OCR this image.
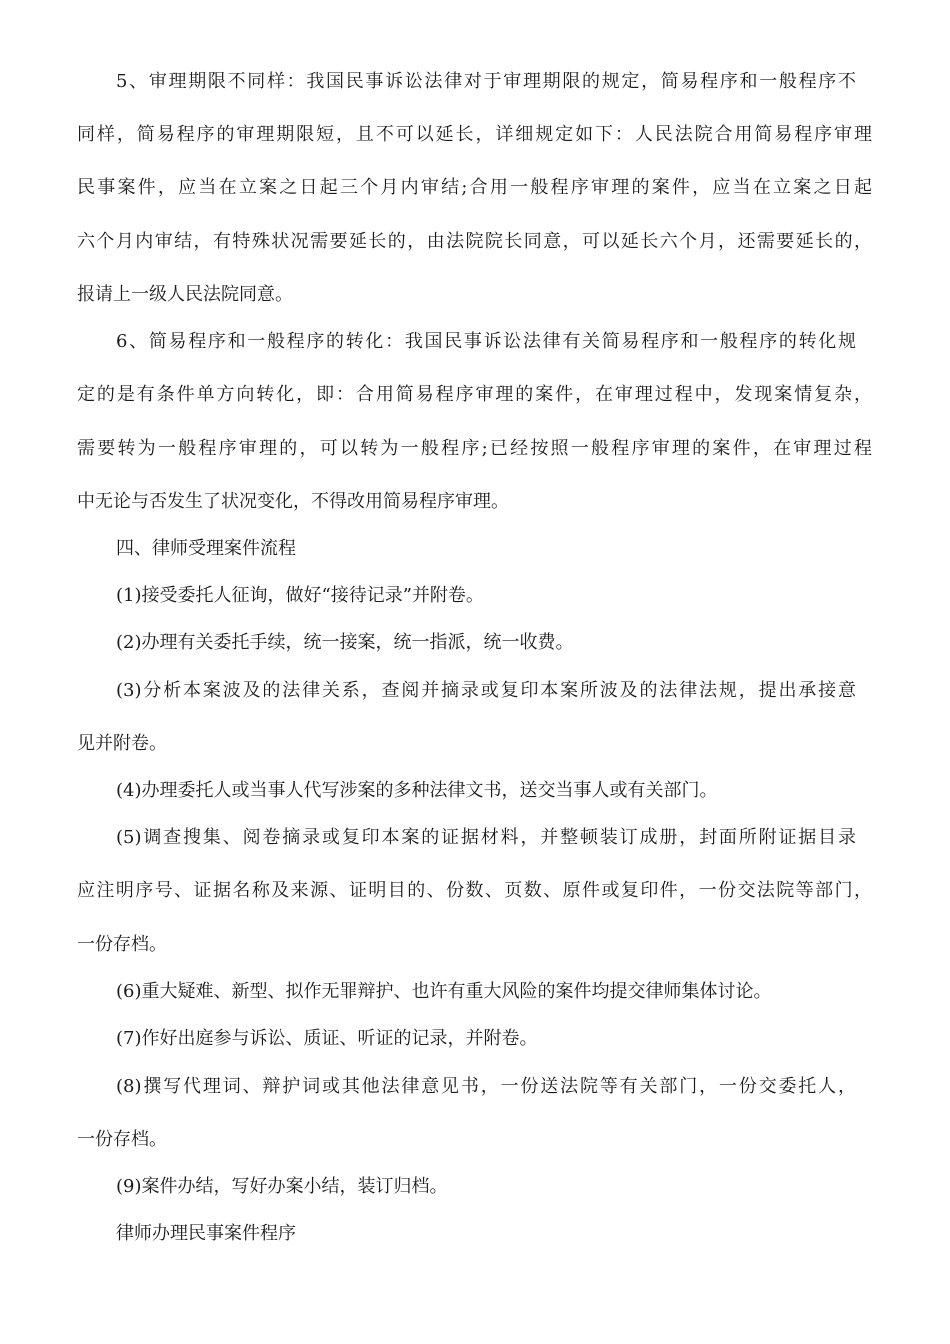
5、审理期限不同样：我国民事诉讼法律对于审理期限的规定，简易程序和一般程序不

同样，简易程序的审理期限短，且不可以延长，详细规定如下：人民法院合用简易程序审理

民事案件，应当在立案之日起三个月内审结;合用一般程序审理的案件，应当在立案之日起

六个月内审结，有特殊状况需要延长的，由法院院长同意，可以延长六个月，还需要延长的，

报请上一级人民法院同意。

6、简易程序和一般程序的转化：我国民事诉讼法律有关简易程序和一般程序的转化规

定的是有条件单方向转化，即：合用简易程序审理的案件，在审理过程中，发现案情复杂，

需要转为一般程序审理的，可以转为一般程序;已经按照一般程序审理的案件，在审理过程

中无论与否发生了状况变化，不得改用简易程序审理。

四、律师受理案件流程

(1)接受委托人征询，做好“接待记录”并附卷。

(2)办理有关委托手续，统一接案，统一指派，统一收费。

(3)分析本案波及的法律关系，查阅并摘录或复印本案所波及的法律法规，提出承接意

见并附卷。

(4)办理委托人或当事人代写涉案的多种法律文书，送交当事人或有关部门。

(5)调查搜集、阅卷摘录或复印本案的证据材料，并整顿装订成册，封面所附证据目录

应注明序号、证据名称及来源、证明目的、份数、页数、原件或复印件，一份交法院等部门，

一份存档。

(6)重大疑难、新型、拟作无罪辩护、也许有重大风险的案件均提交律师集体讨论。

(7)作好出庭参与诉讼、质证、听证的记录，并附卷。

(8)撰写代理词、辩护词或其他法律意见书，一份送法院等有关部门，一份交委托人，

一份存档。

(9)案件办结，写好办案小结，装订归档。

律师办理民事案件程序
